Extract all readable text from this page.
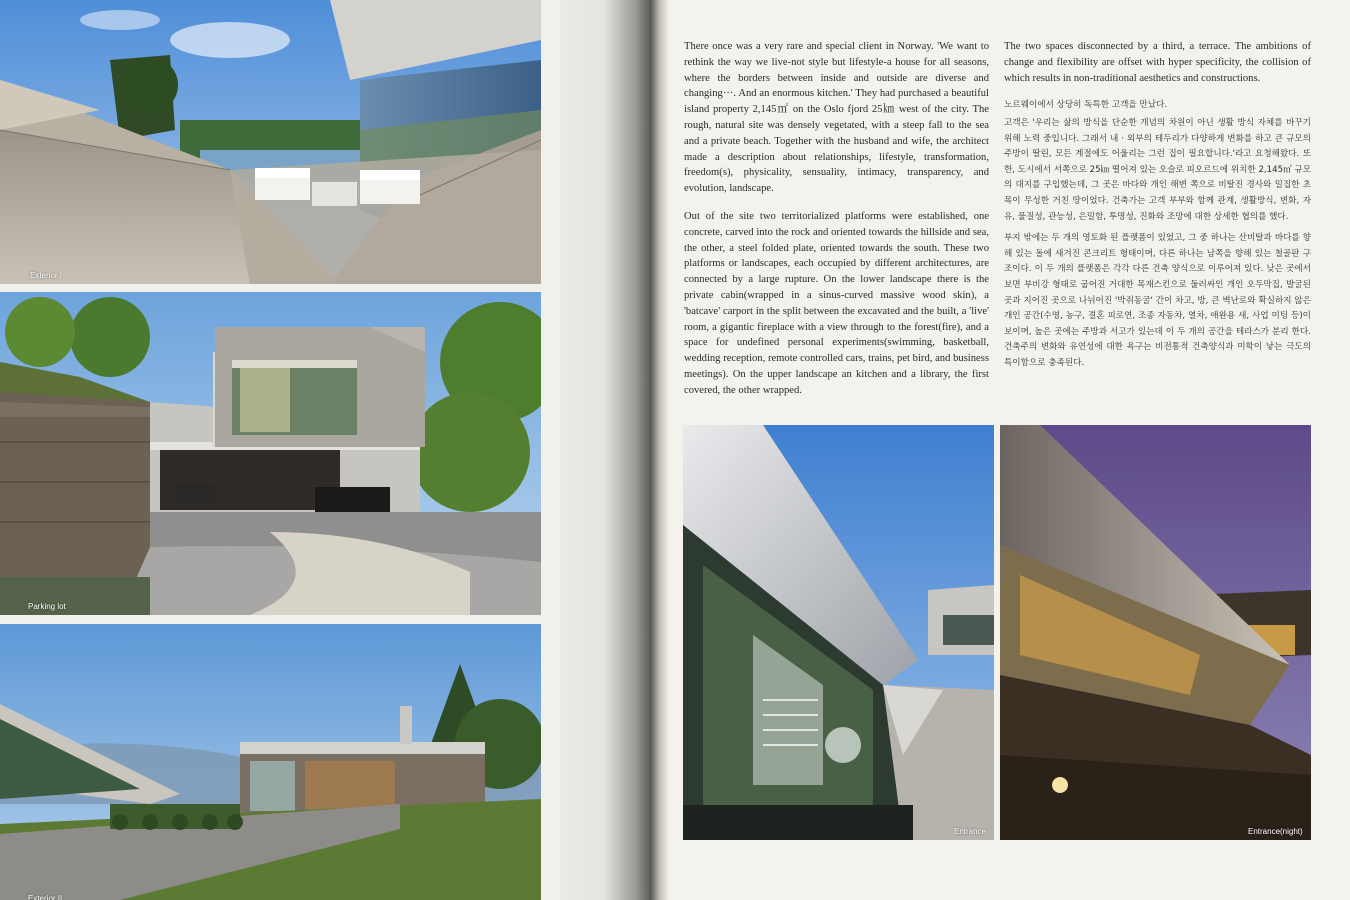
Exterior I
Parking lot
Exterior II

There once was a very rare and special client in Norway. 'We want to rethink the way we live-not style but lifestyle-a house for all seasons, where the borders between inside and outside are diverse and changing···. And an enormous kitchen.' They had purchased a beautiful island property 2,145㎡ on the Oslo fjord 25㎞ west of the city. The rough, natural site was densely vegetated, with a steep fall to the sea and a private beach. Together with the husband and wife, the architect made a description about relationships, lifestyle, transformation, freedom(s), physicality, sensuality, intimacy, transparency, and evolution, landscape.

Out of the site two territorialized platforms were established, one concrete, carved into the rock and oriented towards the hillside and sea, the other, a steel folded plate, oriented towards the south. These two platforms or landscapes, each occupied by different architectures, are connected by a large rupture. On the lower landscape there is the private cabin(wrapped in a sinus-curved massive wood skin), a 'batcave' carport in the split between the excavated and the built, a 'live' room, a gigantic fireplace with a view through to the forest(fire), and a space for undefined personal experiments(swimming, basketball, wedding reception, remote controlled cars, trains, pet bird, and business meetings). On the upper landscape an kitchen and a library, the first covered, the other wrapped.

The two spaces disconnected by a third, a terrace. The ambitions of change and flexibility are offset with hyper specificity, the collision of which results in non-traditional aesthetics and constructions.

노르웨이에서 상당히 독특한 고객을 만났다.

고객은 '우리는 삶의 방식을 단순한 개념의 차원이 아닌 생활 방식 자체를 바꾸기 위해 노력 중입니다. 그래서 내 · 외부의 테두리가 다양하게 변화를 하고 큰 규모의 주방이 딸린, 모든 계절에도 어울리는 그런 집이 필요합니다.'라고 요청해왔다. 또한, 도시에서 서쪽으로 25㎞ 떨어져 있는 오슬로 피오르드에 위치한 2,145㎡ 규모의 대지를 구입했는데, 그 곳은 바다와 개인 해변 쪽으로 비탈진 경사와 밀집한 초목이 무성한 거친 땅이었다. 건축가는 고객 부부와 함께 관계, 생활방식, 변화, 자유, 물질성, 관능성, 은밀함, 투명성, 진화와 조망에 대한 상세한 협의를 했다.

부지 밖에는 두 개의 영토화 된 플랫폼이 있었고, 그 중 하나는 산비탈과 바다를 향해 있는 돌에 새겨진 콘크리트 형태이며, 다른 하나는 남쪽을 향해 있는 철골판 구조이다. 이 두 개의 플랫폼은 각각 다른 건축 양식으로 이루어져 있다. 낮은 곳에서 보면 부비강 형태로 굽어진 거대한 목재스킨으로 둘러싸인 개인 오두막집, 발굴된 곳과 지어진 곳으로 나뉘어진 '박쥐동굴' 간이 차고, 방, 큰 벽난로와 확실하지 않은 개인 공간(수영, 농구, 결혼 피로연, 조종 자동차, 열차, 애완용 새, 사업 미팅 등)이 보이며, 높은 곳에는 주방과 서고가 있는데 이 두 개의 공간을 테라스가 분리 한다. 건축주의 변화와 유연성에 대한 욕구는 비전통적 건축양식과 미학이 낳는 극도의 특이함으로 충족된다.

Entrance	Entrance(night)
